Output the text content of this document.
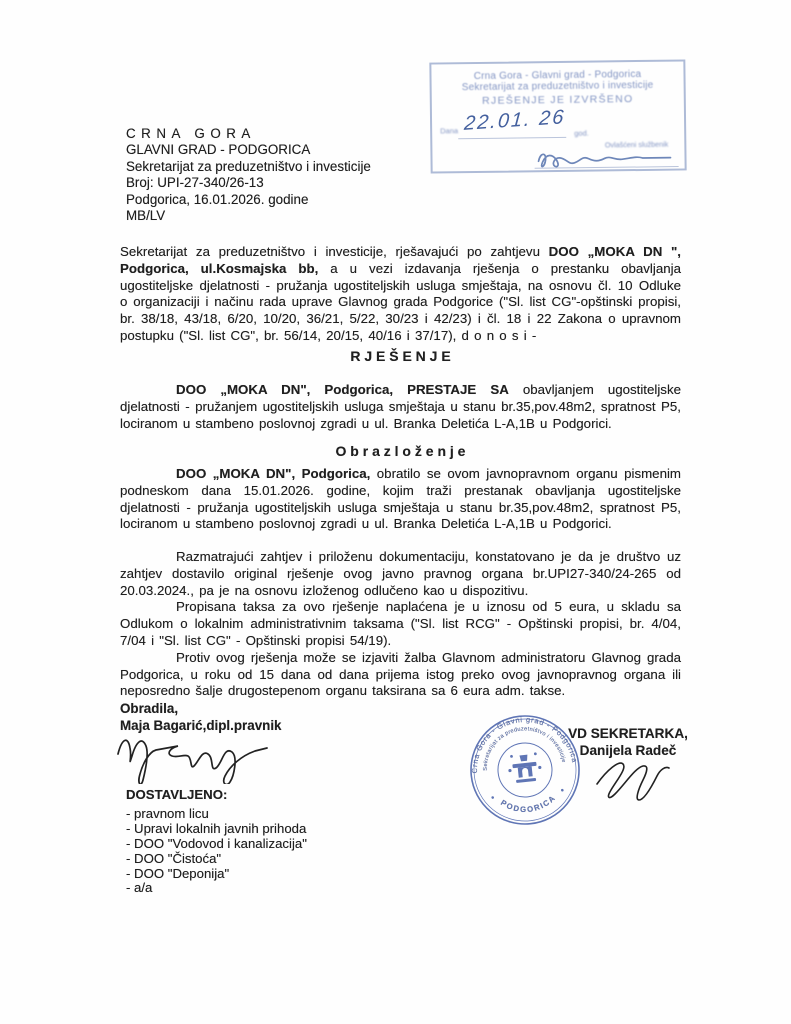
CRNA GORA
GLAVNI GRAD - PODGORICA
Sekretarijat za preduzetništvo i investicije
Broj: UPI-27-340/26-13
Podgorica, 16.01.2026. godine
MB/LV
Crna Gora - Glavni grad - Podgorica
Sekretarijat za preduzetništvo i investicije
RJEŠENJE JE IZVRŠENO
Dana 22.01. 26 god.
Ovlašćeni službenik

Sekretarijat za preduzetništvo i investicije, rješavajući po zahtjevu DOO „MOKA DN ", Podgorica, ul.Kosmajska bb, a u vezi izdavanja rješenja o prestanku obavljanja ugostiteljske djelatnosti - pružanja ugostiteljskih usluga smještaja, na osnovu čl. 10 Odluke o organizaciji i načinu rada uprave Glavnog grada Podgorice ("Sl. list CG"-opštinski propisi, br. 38/18, 43/18, 6/20, 10/20, 36/21, 5/22, 30/23 i 42/23) i čl. 18 i 22 Zakona o upravnom postupku ("Sl. list CG", br. 56/14, 20/15, 40/16 i 37/17), d o n o s i -

R J E Š E N J E

DOO „MOKA DN", Podgorica, PRESTAJE SA obavljanjem ugostiteljske djelatnosti - pružanjem ugostiteljskih usluga smještaja u stanu br.35,pov.48m2, spratnost P5, lociranom u stambeno poslovnoj zgradi u ul. Branka Deletića L-A,1B u Podgorici.

O b r a z l o ž e n j e

DOO „MOKA DN", Podgorica, obratilo se ovom javnopravnom organu pismenim podneskom dana 15.01.2026. godine, kojim traži prestanak obavljanja ugostiteljske djelatnosti - pružanja ugostiteljskih usluga smještaja u stanu br.35,pov.48m2, spratnost P5, lociranom u stambeno poslovnoj zgradi u ul. Branka Deletića L-A,1B u Podgorici.

Razmatrajući zahtjev i priloženu dokumentaciju, konstatovano je da je društvo uz zahtjev dostavilo original rješenje ovog javno pravnog organa br.UPI27-340/24-265 od 20.03.2024., pa je na osnovu izloženog odlučeno kao u dispozitivu.

Propisana taksa za ovo rješenje naplaćena je u iznosu od 5 eura, u skladu sa Odlukom o lokalnim administrativnim taksama ("Sl. list RCG" - Opštinski propisi, br. 4/04, 7/04 i "Sl. list CG" - Opštinski propisi 54/19).

Protiv ovog rješenja može se izjaviti žalba Glavnom administratoru Glavnog grada Podgorica, u roku od 15 dana od dana prijema istog preko ovog javnopravnog organa ili neposredno šalje drugostepenom organu taksirana sa 6 eura adm. takse.

Obradila,
Maja Bagarić,dipl.pravnik
Crna Gora - Glavni grad - Podgorica
Sekretarijat za preduzetništvo i investicije
PODGORICA
VD SEKRETARKA,
Danijela Radeč
DOSTAVLJENO:
- pravnom licu
- Upravi lokalnih javnih prihoda
- DOO "Vodovod i kanalizacija"
- DOO "Čistoća"
- DOO "Deponija"
- a/a
